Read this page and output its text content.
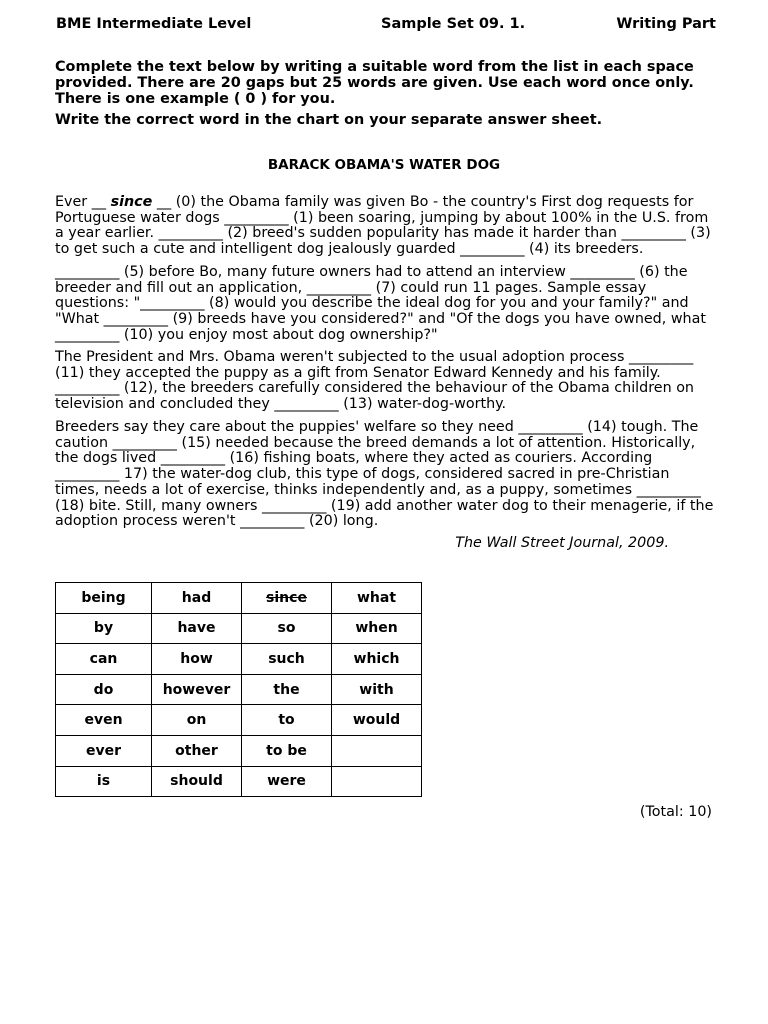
BME Intermediate Level	Sample Set 09. 1.	Writing Part

Complete the text below by writing a suitable word from the list in each space provided. There are 20 gaps but 25 words are given. Use each word once only. There is one example ( 0 ) for you.

Write the correct word in the chart on your separate answer sheet.

BARACK OBAMA'S WATER DOG

Ever __ since __ (0) the Obama family was given Bo - the country's First dog requests for Portuguese water dogs _________ (1) been soaring, jumping by about 100% in the U.S. from a year earlier. _________ (2) breed's sudden popularity has made it harder than _________ (3) to get such a cute and intelligent dog jealously guarded _________ (4) its breeders.

_________ (5) before Bo, many future owners had to attend an interview _________ (6) the breeder and fill out an application, _________ (7) could run 11 pages. Sample essay questions: "_________ (8) would you describe the ideal dog for you and your family?" and "What _________ (9) breeds have you considered?" and "Of the dogs you have owned, what _________ (10) you enjoy most about dog ownership?"

The President and Mrs. Obama weren't subjected to the usual adoption process _________ (11) they accepted the puppy as a gift from Senator Edward Kennedy and his family. _________ (12), the breeders carefully considered the behaviour of the Obama children on television and concluded they _________ (13) water-dog-worthy.

Breeders say they care about the puppies' welfare so they need _________ (14) tough. The caution _________ (15) needed because the breed demands a lot of attention. Historically, the dogs lived _________ (16) fishing boats, where they acted as couriers. According _________ 17) the water-dog club, this type of dogs, considered sacred in pre-Christian times, needs a lot of exercise, thinks independently and, as a puppy, sometimes _________ (18) bite. Still, many owners _________ (19) add another water dog to their menagerie, if the adoption process weren't _________ (20) long.

The Wall Street Journal, 2009.
being	had	since	what
by	have	so	when
can	how	such	which
do	however	the	with
even	on	to	would
ever	other	to be	
is	should	were	
(Total: 10)
